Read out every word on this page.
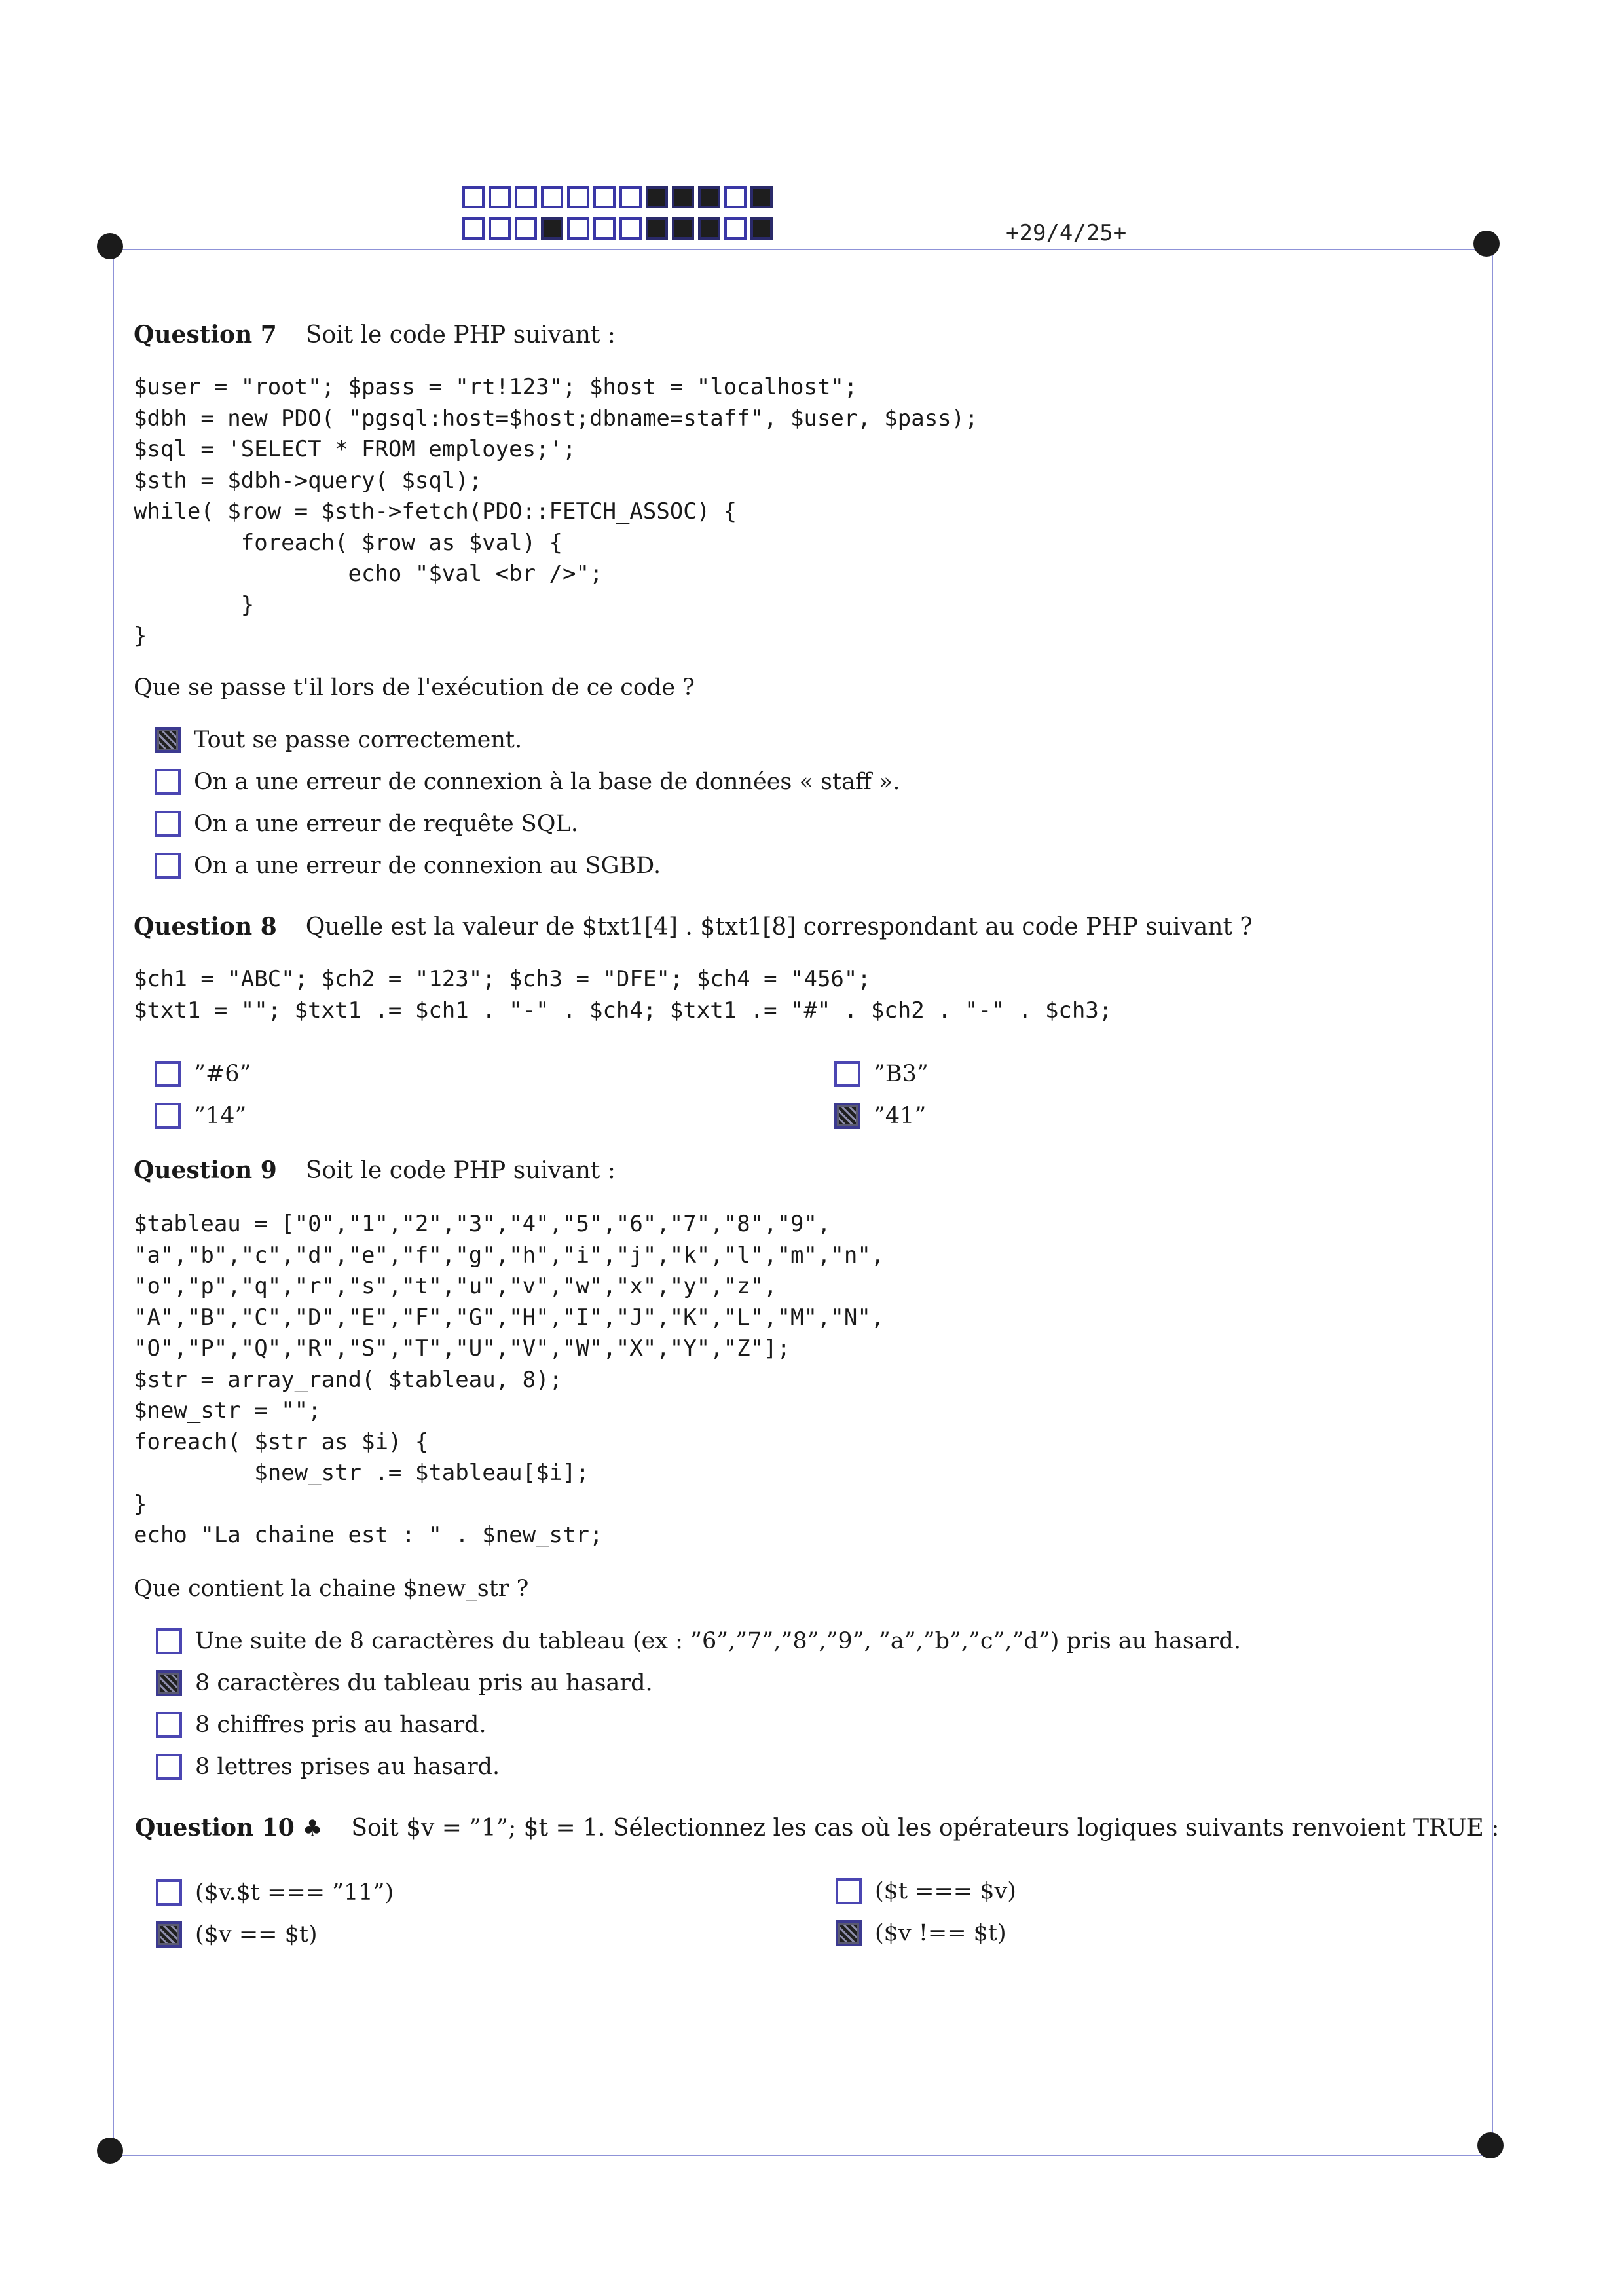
+29/4/25+
Question 7 Soit le code PHP suivant :
$user = "root"; $pass = "rt!123"; $host = "localhost";
$dbh = new PDO( "pgsql:host=$host;dbname=staff", $user, $pass);
$sql = 'SELECT * FROM employes;';
$sth = $dbh->query( $sql);
while( $row = $sth->fetch(PDO::FETCH_ASSOC) {
foreach( $row as $val) {
echo "$val <br />";
}
}
Que se passe t'il lors de l'exécution de ce code ?
Tout se passe correctement.
On a une erreur de connexion à la base de données « staff ».
On a une erreur de requête SQL.
On a une erreur de connexion au SGBD.
Question 8 Quelle est la valeur de $txt1[4] . $txt1[8] correspondant au code PHP suivant ?
$ch1 = "ABC"; $ch2 = "123"; $ch3 = "DFE"; $ch4 = "456";
$txt1 = ""; $txt1 .= $ch1 . "-" . $ch4; $txt1 .= "#" . $ch2 . "-" . $ch3;
”#6”
”14”
”B3”
”41”
Question 9 Soit le code PHP suivant :
$tableau = ["0","1","2","3","4","5","6","7","8","9",
"a","b","c","d","e","f","g","h","i","j","k","l","m","n",
"o","p","q","r","s","t","u","v","w","x","y","z",
"A","B","C","D","E","F","G","H","I","J","K","L","M","N",
"O","P","Q","R","S","T","U","V","W","X","Y","Z"];
$str = array_rand( $tableau, 8);
$new_str = "";
foreach( $str as $i) {
$new_str .= $tableau[$i];
}
echo "La chaine est : " . $new_str;
Que contient la chaine $new_str ?
Une suite de 8 caractères du tableau (ex : ”6”,”7”,”8”,”9”, ”a”,”b”,”c”,”d”) pris au hasard.
8 caractères du tableau pris au hasard.
8 chiffres pris au hasard.
8 lettres prises au hasard.
Question 10 ♣ Soit $v = ”1”; $t = 1. Sélectionnez les cas où les opérateurs logiques suivants renvoient TRUE :
($v.$t === ”11”)
($v == $t)
($t === $v)
($v !== $t)
